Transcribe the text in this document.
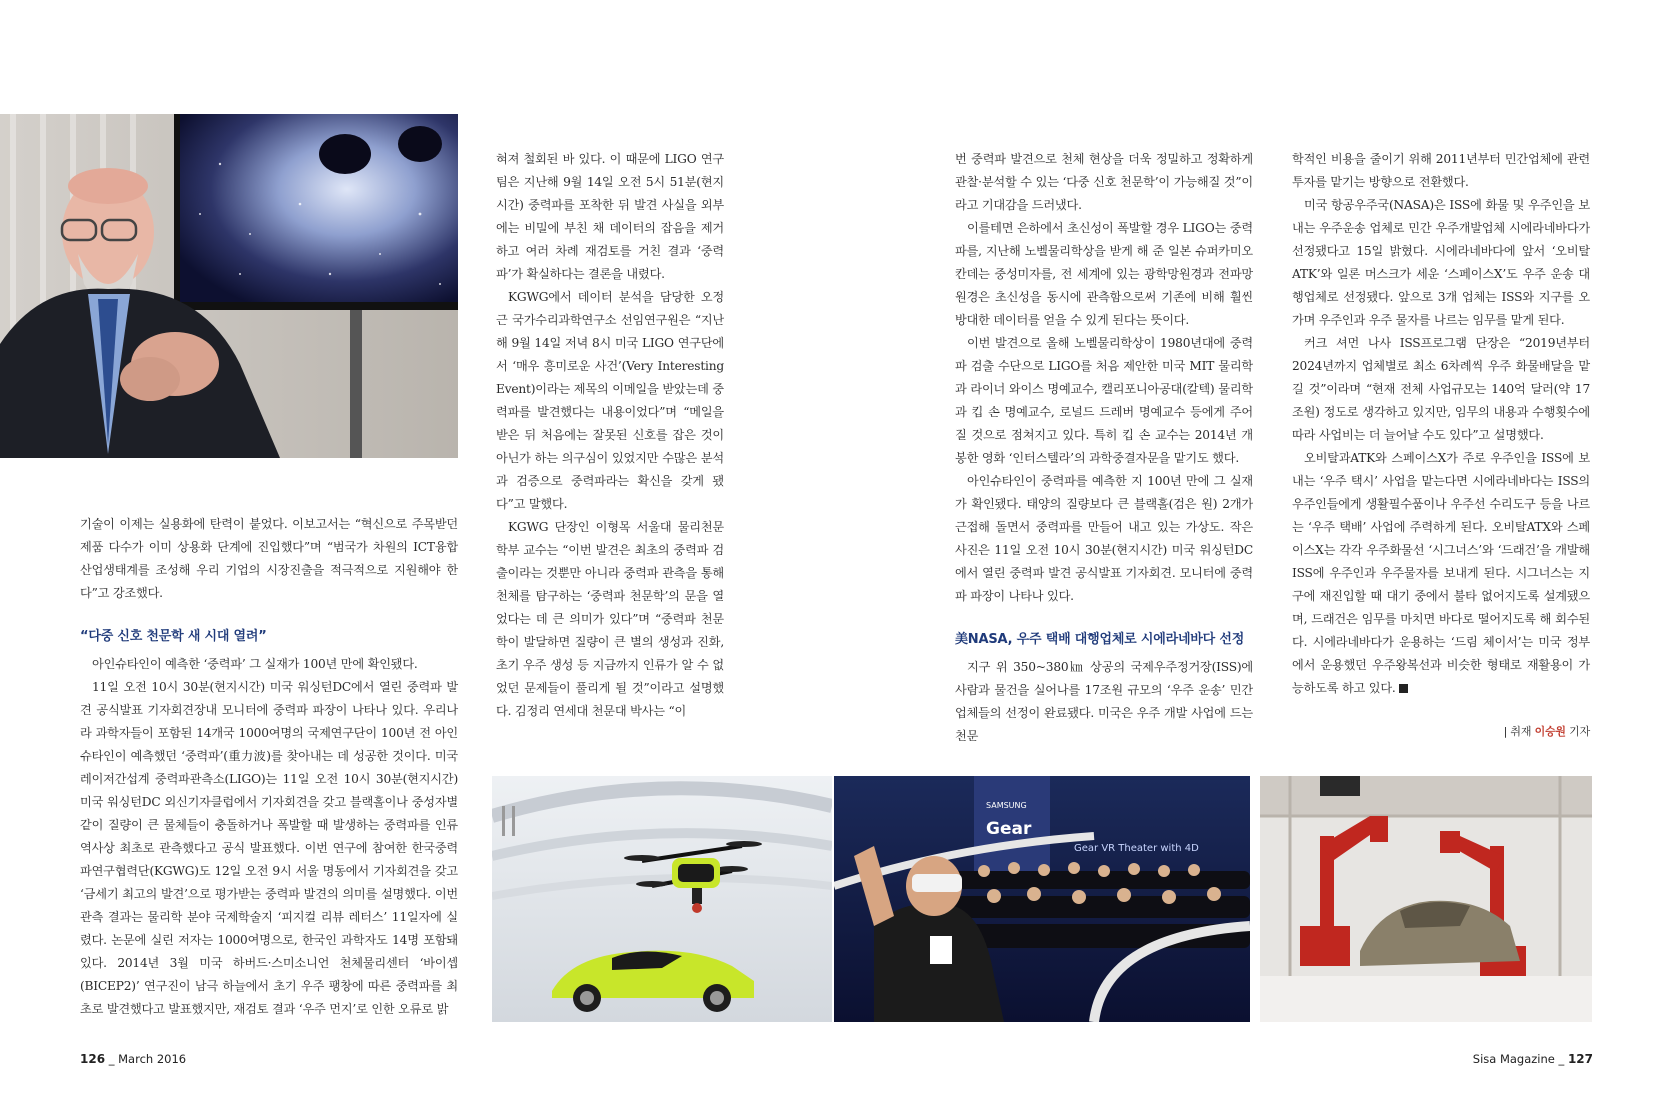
기술이 이제는 실용화에 탄력이 붙었다. 이보고서는 “혁신으로 주목받던 제품 다수가 이미 상용화 단계에 진입했다”며 “범국가 차원의 ICT융합 산업생태계를 조성해 우리 기업의 시장진출을 적극적으로 지원해야 한다”고 강조했다.

“다중 신호 천문학 새 시대 열려”

아인슈타인이 예측한 ‘중력파’ 그 실재가 100년 만에 확인됐다.

11일 오전 10시 30분(현지시간) 미국 워싱턴DC에서 열린 중력파 발견 공식발표 기자회견장내 모니터에 중력파 파장이 나타나 있다. 우리나라 과학자들이 포함된 14개국 1000여명의 국제연구단이 100년 전 아인슈타인이 예측했던 ‘중력파’(重力波)를 찾아내는 데 성공한 것이다. 미국 레이저간섭계 중력파관측소(LIGO)는 11일 오전 10시 30분(현지시간) 미국 워싱턴DC 외신기자클럽에서 기자회견을 갖고 블랙홀이나 중성자별 같이 질량이 큰 물체들이 충돌하거나 폭발할 때 발생하는 중력파를 인류 역사상 최초로 관측했다고 공식 발표했다. 이번 연구에 참여한 한국중력파연구협력단(KGWG)도 12일 오전 9시 서울 명동에서 기자회견을 갖고 ‘금세기 최고의 발견’으로 평가받는 중력파 발견의 의미를 설명했다. 이번 관측 결과는 물리학 분야 국제학술지 ‘피지컬 리뷰 레터스’ 11일자에 실렸다. 논문에 실린 저자는 1000여명으로, 한국인 과학자도 14명 포함돼 있다. 2014년 3월 미국 하버드·스미소니언 천체물리센터 ‘바이셉(BICEP2)’ 연구진이 남극 하늘에서 초기 우주 팽창에 따른 중력파를 최초로 발견했다고 발표했지만, 재검토 결과 ‘우주 먼지’로 인한 오류로 밝

혀져 철회된 바 있다. 이 때문에 LIGO 연구팀은 지난해 9월 14일 오전 5시 51분(현지시간) 중력파를 포착한 뒤 발견 사실을 외부에는 비밀에 부친 채 데이터의 잡음을 제거하고 여러 차례 재검토를 거친 결과 ‘중력파’가 확실하다는 결론을 내렸다.

KGWG에서 데이터 분석을 담당한 오정근 국가수리과학연구소 선임연구원은 “지난해 9월 14일 저녁 8시 미국 LIGO 연구단에서 ‘매우 흥미로운 사건’(Very Interesting Event)이라는 제목의 이메일을 받았는데 중력파를 발견했다는 내용이었다”며 “메일을 받은 뒤 처음에는 잘못된 신호를 잡은 것이 아닌가 하는 의구심이 있었지만 수많은 분석과 검증으로 중력파라는 확신을 갖게 됐다”고 말했다.

KGWG 단장인 이형목 서울대 물리천문학부 교수는 “이번 발견은 최초의 중력파 검출이라는 것뿐만 아니라 중력파 관측을 통해 천체를 탐구하는 ‘중력파 천문학’의 문을 열었다는 데 큰 의미가 있다”며 “중력파 천문학이 발달하면 질량이 큰 별의 생성과 진화, 초기 우주 생성 등 지금까지 인류가 알 수 없었던 문제들이 풀리게 될 것”이라고 설명했다. 김정리 연세대 천문대 박사는 “이

번 중력파 발견으로 천체 현상을 더욱 정밀하고 정확하게 관찰·분석할 수 있는 ‘다중 신호 천문학’이 가능해질 것”이라고 기대감을 드러냈다.

이를테면 은하에서 초신성이 폭발할 경우 LIGO는 중력파를, 지난해 노벨물리학상을 받게 해 준 일본 슈퍼카미오칸데는 중성미자를, 전 세계에 있는 광학망원경과 전파망원경은 초신성을 동시에 관측함으로써 기존에 비해 훨씬 방대한 데이터를 얻을 수 있게 된다는 뜻이다.

이번 발견으로 올해 노벨물리학상이 1980년대에 중력파 검출 수단으로 LIGO를 처음 제안한 미국 MIT 물리학과 라이너 와이스 명예교수, 캘리포니아공대(칼텍) 물리학과 킵 손 명예교수, 로널드 드레버 명예교수 등에게 주어질 것으로 점쳐지고 있다. 특히 킵 손 교수는 2014년 개봉한 영화 ‘인터스텔라’의 과학중결자문을 맡기도 했다.

아인슈타인이 중력파를 예측한 지 100년 만에 그 실재가 확인됐다. 태양의 질량보다 큰 블랙홀(검은 원) 2개가 근접해 돌면서 중력파를 만들어 내고 있는 가상도. 작은 사진은 11일 오전 10시 30분(현지시간) 미국 워싱턴DC에서 열린 중력파 발견 공식발표 기자회견. 모니터에 중력파 파장이 나타나 있다.

美NASA, 우주 택배 대행업체로 시에라네바다 선정

지구 위 350~380㎞ 상공의 국제우주정거장(ISS)에 사람과 물건을 실어나를 17조원 규모의 ‘우주 운송’ 민간업체들의 선정이 완료됐다. 미국은 우주 개발 사업에 드는 천문

학적인 비용을 줄이기 위해 2011년부터 민간업체에 관련 투자를 맡기는 방향으로 전환했다.

미국 항공우주국(NASA)은 ISS에 화물 및 우주인을 보내는 우주운송 업체로 민간 우주개발업체 시에라네바다가 선정됐다고 15일 밝혔다. 시에라네바다에 앞서 ‘오비탈ATK’와 일론 머스크가 세운 ‘스페이스X’도 우주 운송 대행업체로 선정됐다. 앞으로 3개 업체는 ISS와 지구를 오가며 우주인과 우주 물자를 나르는 임무를 맡게 된다.

커크 셔먼 나사 ISS프로그램 단장은 “2019년부터 2024년까지 업체별로 최소 6차례씩 우주 화물배달을 맡길 것”이라며 “현재 전체 사업규모는 140억 달러(약 17조원) 정도로 생각하고 있지만, 임무의 내용과 수행횟수에 따라 사업비는 더 늘어날 수도 있다”고 설명했다.

오비탈과ATK와 스페이스X가 주로 우주인을 ISS에 보내는 ‘우주 택시’ 사업을 맡는다면 시에라네바다는 ISS의 우주인들에게 생활필수품이나 우주선 수리도구 등을 나르는 ‘우주 택배’ 사업에 주력하게 된다. 오비탈ATX와 스페이스X는 각각 우주화물선 ‘시그너스’와 ‘드래건’을 개발해 ISS에 우주인과 우주물자를 보내게 된다. 시그너스는 지구에 재진입할 때 대기 중에서 불타 없어지도록 설계됐으며, 드래건은 임무를 마치면 바다로 떨어지도록 해 회수된다. 시에라네바다가 운용하는 ‘드림 체이서’는 미국 정부에서 운용했던 우주왕복선과 비슷한 형태로 재활용이 가능하도록 하고 있다.

| 취재 이승원 기자
SAMSUNG
Gear
Gear VR Theater with 4D
126 _ March 2016	Sisa Magazine _ 127
